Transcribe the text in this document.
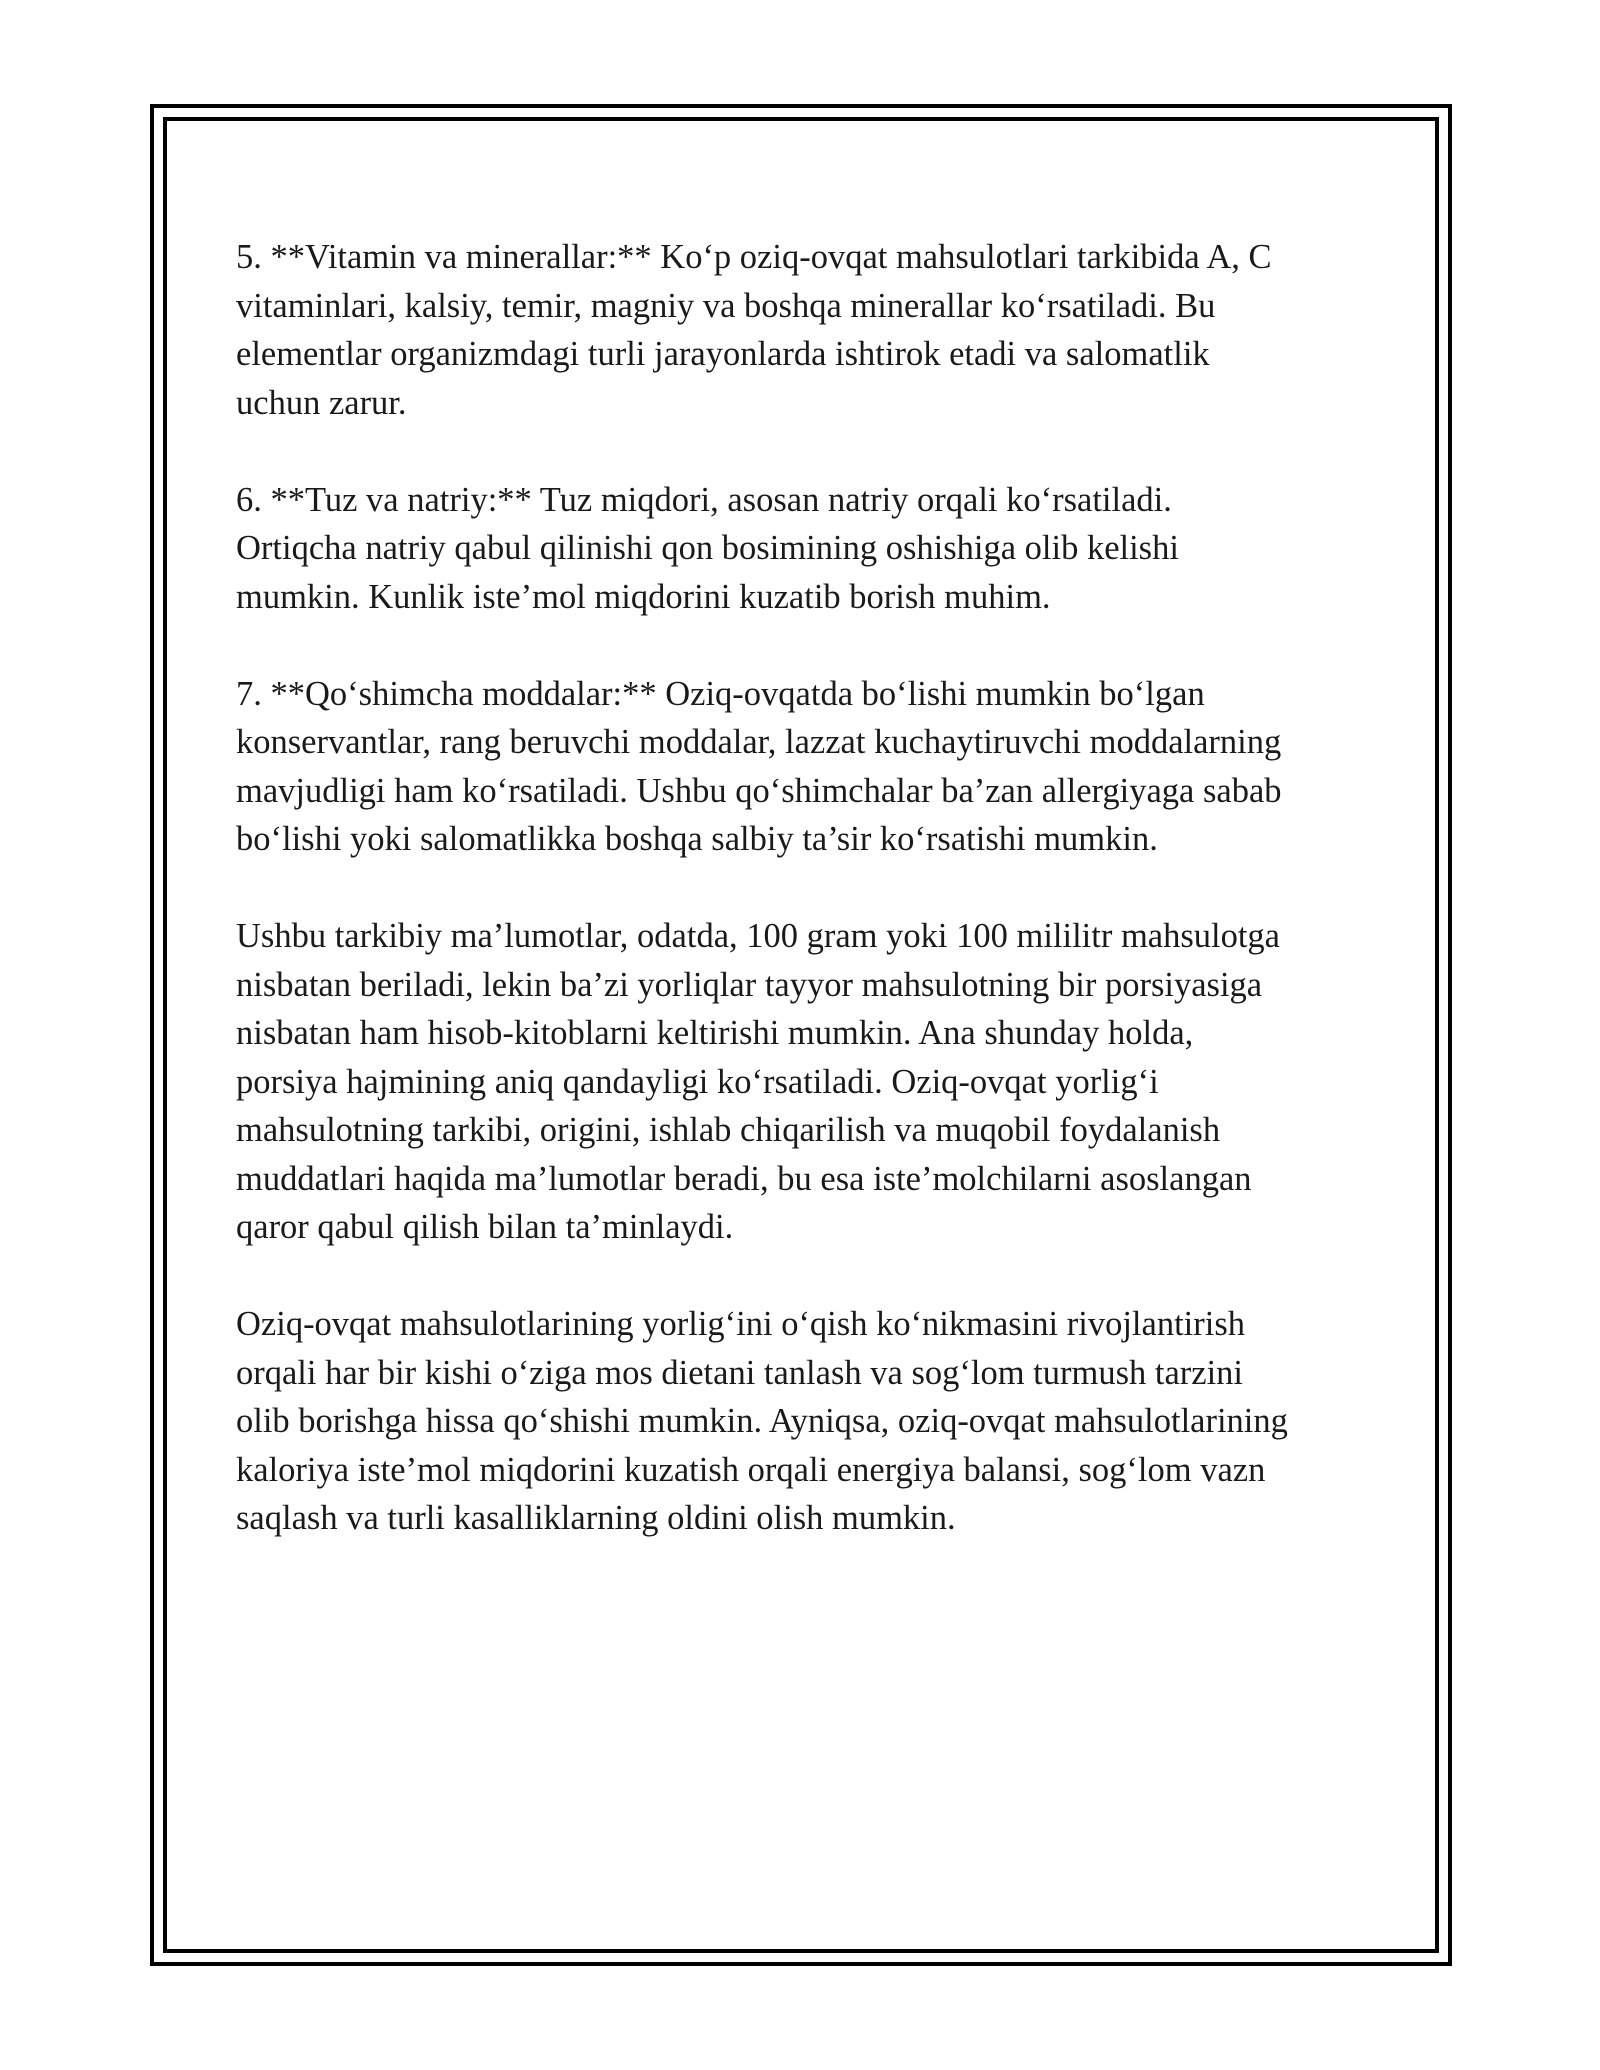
5. **Vitamin va minerallar:** Ko‘p oziq-ovqat mahsulotlari tarkibida A, C
vitaminlari, kalsiy, temir, magniy va boshqa minerallar ko‘rsatiladi. Bu
elementlar organizmdagi turli jarayonlarda ishtirok etadi va salomatlik
uchun zarur.

6. **Tuz va natriy:** Tuz miqdori, asosan natriy orqali ko‘rsatiladi.
Ortiqcha natriy qabul qilinishi qon bosimining oshishiga olib kelishi
mumkin. Kunlik iste’mol miqdorini kuzatib borish muhim.

7. **Qo‘shimcha moddalar:** Oziq-ovqatda bo‘lishi mumkin bo‘lgan
konservantlar, rang beruvchi moddalar, lazzat kuchaytiruvchi moddalarning
mavjudligi ham ko‘rsatiladi. Ushbu qo‘shimchalar ba’zan allergiyaga sabab
bo‘lishi yoki salomatlikka boshqa salbiy ta’sir ko‘rsatishi mumkin.

Ushbu tarkibiy ma’lumotlar, odatda, 100 gram yoki 100 mililitr mahsulotga
nisbatan beriladi, lekin ba’zi yorliqlar tayyor mahsulotning bir porsiyasiga
nisbatan ham hisob-kitoblarni keltirishi mumkin. Ana shunday holda,
porsiya hajmining aniq qandayligi ko‘rsatiladi. Oziq-ovqat yorlig‘i
mahsulotning tarkibi, origini, ishlab chiqarilish va muqobil foydalanish
muddatlari haqida ma’lumotlar beradi, bu esa iste’molchilarni asoslangan
qaror qabul qilish bilan ta’minlaydi.

Oziq-ovqat mahsulotlarining yorlig‘ini o‘qish ko‘nikmasini rivojlantirish
orqali har bir kishi o‘ziga mos dietani tanlash va sog‘lom turmush tarzini
olib borishga hissa qo‘shishi mumkin. Ayniqsa, oziq-ovqat mahsulotlarining
kaloriya iste’mol miqdorini kuzatish orqali energiya balansi, sog‘lom vazn
saqlash va turli kasalliklarning oldini olish mumkin.
